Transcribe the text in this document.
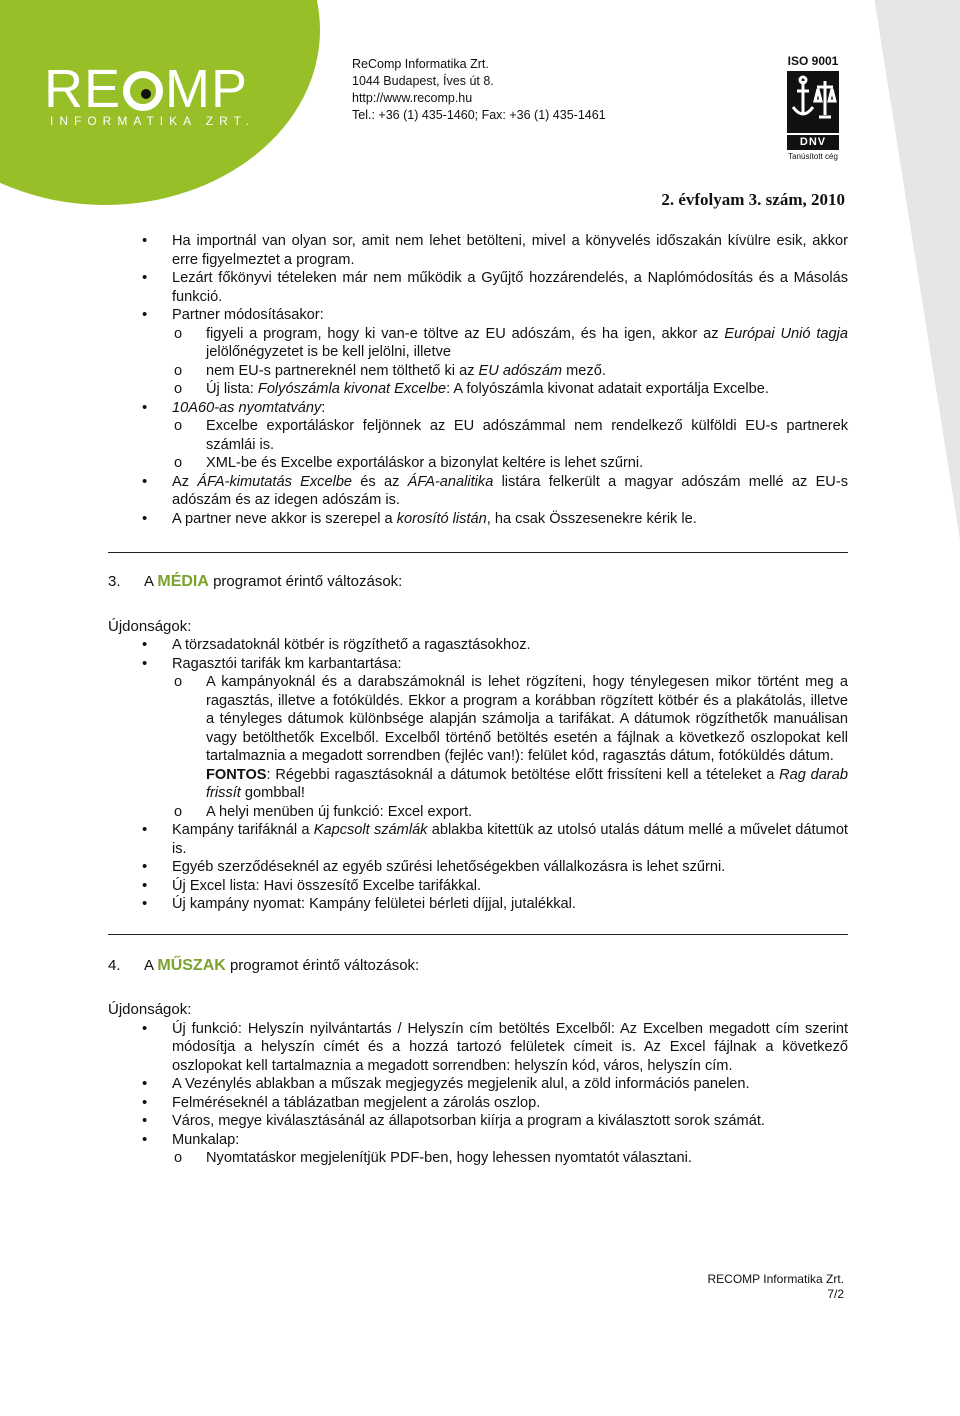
RE MP
INFORMATIKA ZRT.
ReComp Informatika Zrt.
1044 Budapest, Íves út 8.
http://www.recomp.hu
Tel.: +36 (1) 435-1460; Fax: +36 (1) 435-1461
ISO 9001
DNV
Tanúsított cég
2. évfolyam 3. szám, 2010
• Ha importnál van olyan sor, amit nem lehet betölteni, mivel a könyvelés időszakán kívülre esik, akkor erre figyelmeztet a program.
• Lezárt főkönyvi tételeken már nem működik a Gyűjtő hozzárendelés, a Naplómódosítás és a Másolás funkció.
• Partner módosításakor:
o figyeli a program, hogy ki van-e töltve az EU adószám, és ha igen, akkor az Európai Unió tagja jelölőnégyzetet is be kell jelölni, illetve
o nem EU-s partnereknél nem tölthető ki az EU adószám mező.
o Új lista: Folyószámla kivonat Excelbe: A folyószámla kivonat adatait exportálja Excelbe.
• 10A60-as nyomtatvány:
o Excelbe exportáláskor feljönnek az EU adószámmal nem rendelkező külföldi EU-s partnerek számlái is.
o XML-be és Excelbe exportáláskor a bizonylat keltére is lehet szűrni.
• Az ÁFA-kimutatás Excelbe és az ÁFA-analitika listára felkerült a magyar adószám mellé az EU-s adószám és az idegen adószám is.
• A partner neve akkor is szerepel a korosító listán, ha csak Összesenekre kérik le.
3. A MÉDIA programot érintő változások:
Újdonságok:
• A törzsadatoknál kötbér is rögzíthető a ragasztásokhoz.
• Ragasztói tarifák km karbantartása:
o A kampányoknál és a darabszámoknál is lehet rögzíteni, hogy ténylegesen mikor történt meg a ragasztás, illetve a fotóküldés. Ekkor a program a korábban rögzített kötbér és a plakátolás, illetve a tényleges dátumok különbsége alapján számolja a tarifákat. A dátumok rögzíthetők manuálisan vagy betölthetők Excelből. Excelből történő betöltés esetén a fájlnak a következő oszlopokat kell tartalmaznia a megadott sorrendben (fejléc van!): felület kód, ragasztás dátum, fotóküldés dátum.
FONTOS: Régebbi ragasztásoknál a dátumok betöltése előtt frissíteni kell a tételeket a Rag darab frissít gombbal!
o A helyi menüben új funkció: Excel export.
• Kampány tarifáknál a Kapcsolt számlák ablakba kitettük az utolsó utalás dátum mellé a művelet dátumot is.
• Egyéb szerződéseknél az egyéb szűrési lehetőségekben vállalkozásra is lehet szűrni.
• Új Excel lista: Havi összesítő Excelbe tarifákkal.
• Új kampány nyomat: Kampány felületei bérleti díjjal, jutalékkal.
4. A MŰSZAK programot érintő változások:
Újdonságok:
• Új funkció: Helyszín nyilvántartás / Helyszín cím betöltés Excelből: Az Excelben megadott cím szerint módosítja a helyszín címét és a hozzá tartozó felületek címeit is. Az Excel fájlnak a következő oszlopokat kell tartalmaznia a megadott sorrendben: helyszín kód, város, helyszín cím.
• A Vezénylés ablakban a műszak megjegyzés megjelenik alul, a zöld információs panelen.
• Felméréseknél a táblázatban megjelent a zárolás oszlop.
• Város, megye kiválasztásánál az állapotsorban kiírja a program a kiválasztott sorok számát.
• Munkalap:
o Nyomtatáskor megjelenítjük PDF-ben, hogy lehessen nyomtatót választani.
RECOMP Informatika Zrt.
7/2
